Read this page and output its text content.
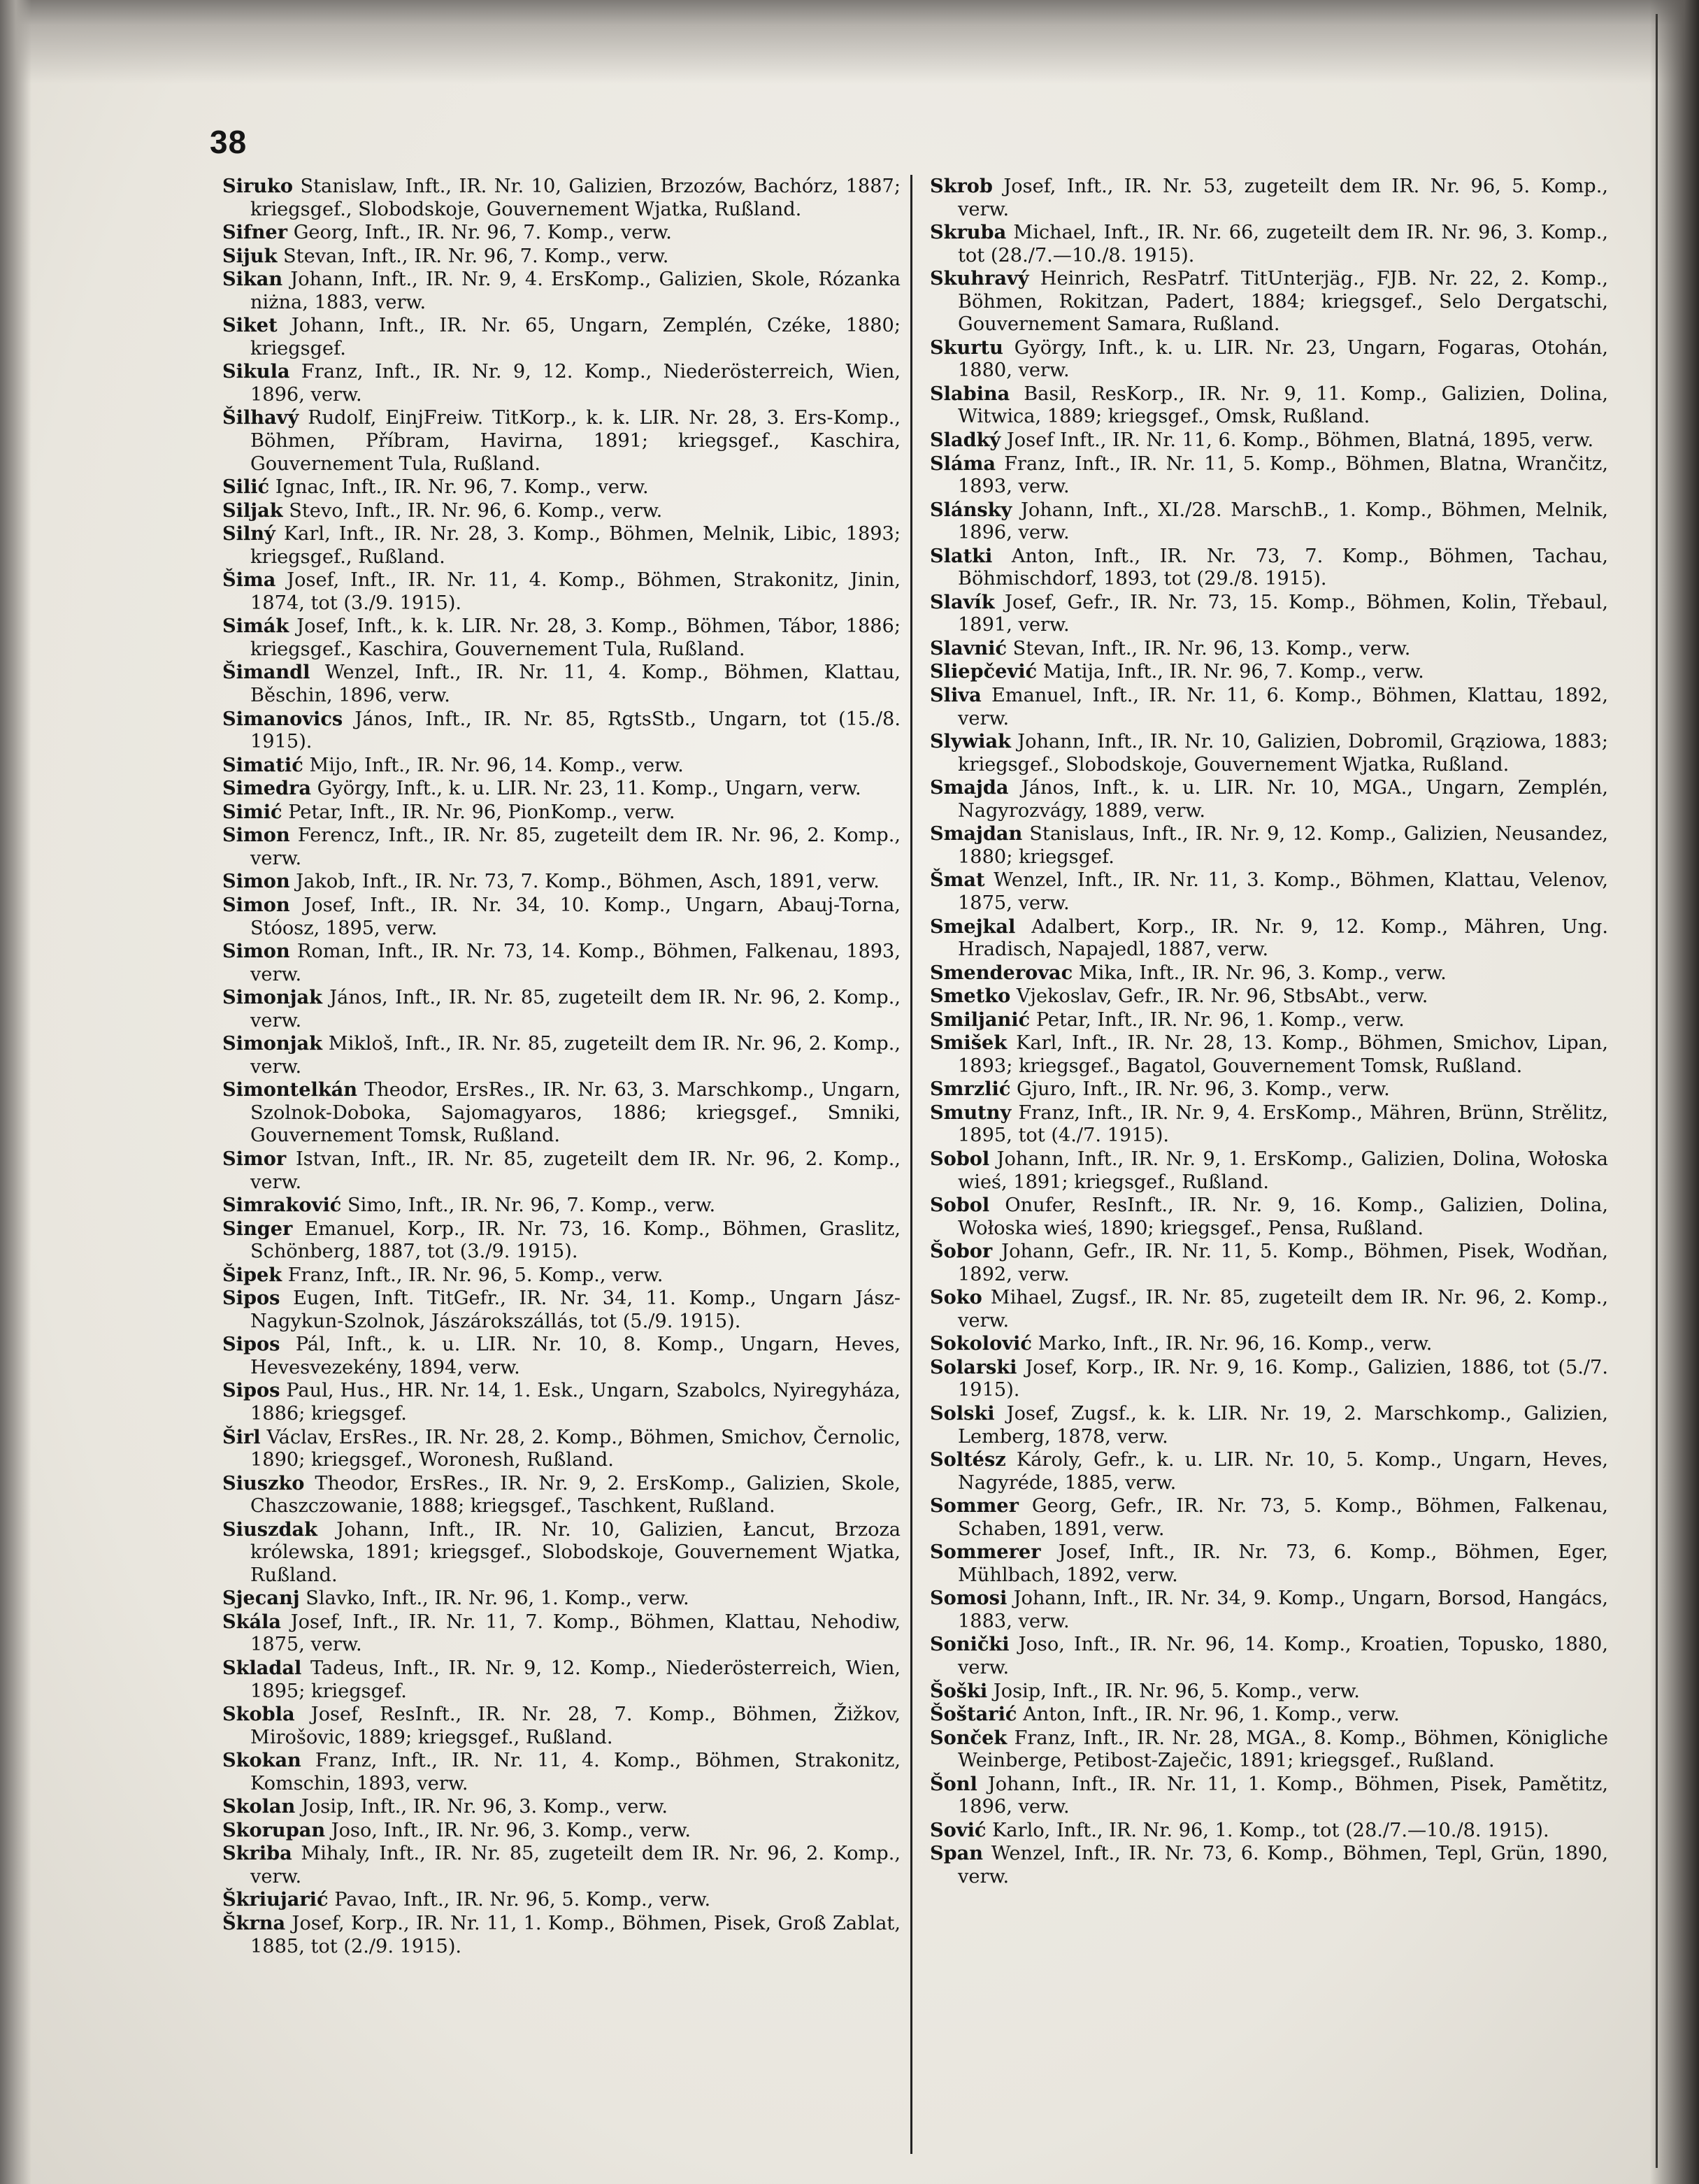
38

Siruko Stanislaw, Inft., IR. Nr. 10, Galizien, Brzozów, Bachórz, 1887; kriegsgef., Slobodskoje, Gouvernement Wjatka, Rußland.

Sifner Georg, Inft., IR. Nr. 96, 7. Komp., verw.

Sijuk Stevan, Inft., IR. Nr. 96, 7. Komp., verw.

Sikan Johann, Inft., IR. Nr. 9, 4. ErsKomp., Galizien, Skole, Rózanka niżna, 1883, verw.

Siket Johann, Inft., IR. Nr. 65, Ungarn, Zemplén, Czéke, 1880; kriegsgef.

Sikula Franz, Inft., IR. Nr. 9, 12. Komp., Niederösterreich, Wien, 1896, verw.

Šilhavý Rudolf, EinjFreiw. TitKorp., k. k. LIR. Nr. 28, 3. Ers-Komp., Böhmen, Příbram, Havirna, 1891; kriegsgef., Kaschira, Gouvernement Tula, Rußland.

Silić Ignac, Inft., IR. Nr. 96, 7. Komp., verw.

Siljak Stevo, Inft., IR. Nr. 96, 6. Komp., verw.

Silný Karl, Inft., IR. Nr. 28, 3. Komp., Böhmen, Melnik, Libic, 1893; kriegsgef., Rußland.

Šima Josef, Inft., IR. Nr. 11, 4. Komp., Böhmen, Strakonitz, Jinin, 1874, tot (3./9. 1915).

Simák Josef, Inft., k. k. LIR. Nr. 28, 3. Komp., Böhmen, Tábor, 1886; kriegsgef., Kaschira, Gouvernement Tula, Rußland.

Šimandl Wenzel, Inft., IR. Nr. 11, 4. Komp., Böhmen, Klattau, Běschin, 1896, verw.

Simanovics János, Inft., IR. Nr. 85, RgtsStb., Ungarn, tot (15./8. 1915).

Simatić Mijo, Inft., IR. Nr. 96, 14. Komp., verw.

Simedra György, Inft., k. u. LIR. Nr. 23, 11. Komp., Ungarn, verw.

Simić Petar, Inft., IR. Nr. 96, PionKomp., verw.

Simon Ferencz, Inft., IR. Nr. 85, zugeteilt dem IR. Nr. 96, 2. Komp., verw.

Simon Jakob, Inft., IR. Nr. 73, 7. Komp., Böhmen, Asch, 1891, verw.

Simon Josef, Inft., IR. Nr. 34, 10. Komp., Ungarn, Abauj-Torna, Stóosz, 1895, verw.

Simon Roman, Inft., IR. Nr. 73, 14. Komp., Böhmen, Falkenau, 1893, verw.

Simonjak János, Inft., IR. Nr. 85, zugeteilt dem IR. Nr. 96, 2. Komp., verw.

Simonjak Mikloš, Inft., IR. Nr. 85, zugeteilt dem IR. Nr. 96, 2. Komp., verw.

Simontelkán Theodor, ErsRes., IR. Nr. 63, 3. Marschkomp., Ungarn, Szolnok-Doboka, Sajomagyaros, 1886; kriegsgef., Smniki, Gouvernement Tomsk, Rußland.

Simor Istvan, Inft., IR. Nr. 85, zugeteilt dem IR. Nr. 96, 2. Komp., verw.

Simraković Simo, Inft., IR. Nr. 96, 7. Komp., verw.

Singer Emanuel, Korp., IR. Nr. 73, 16. Komp., Böhmen, Graslitz, Schönberg, 1887, tot (3./9. 1915).

Šipek Franz, Inft., IR. Nr. 96, 5. Komp., verw.

Sipos Eugen, Inft. TitGefr., IR. Nr. 34, 11. Komp., Ungarn Jász-Nagykun-Szolnok, Jászárokszállás, tot (5./9. 1915).

Sipos Pál, Inft., k. u. LIR. Nr. 10, 8. Komp., Ungarn, Heves, Hevesvezekény, 1894, verw.

Sipos Paul, Hus., HR. Nr. 14, 1. Esk., Ungarn, Szabolcs, Nyiregyháza, 1886; kriegsgef.

Širl Václav, ErsRes., IR. Nr. 28, 2. Komp., Böhmen, Smichov, Černolic, 1890; kriegsgef., Woronesh, Rußland.

Siuszko Theodor, ErsRes., IR. Nr. 9, 2. ErsKomp., Galizien, Skole, Chaszczowanie, 1888; kriegsgef., Taschkent, Rußland.

Siuszdak Johann, Inft., IR. Nr. 10, Galizien, Łancut, Brzoza królewska, 1891; kriegsgef., Slobodskoje, Gouvernement Wjatka, Rußland.

Sjecanj Slavko, Inft., IR. Nr. 96, 1. Komp., verw.

Skála Josef, Inft., IR. Nr. 11, 7. Komp., Böhmen, Klattau, Nehodiw, 1875, verw.

Skladal Tadeus, Inft., IR. Nr. 9, 12. Komp., Niederösterreich, Wien, 1895; kriegsgef.

Skobla Josef, ResInft., IR. Nr. 28, 7. Komp., Böhmen, Žižkov, Mirošovic, 1889; kriegsgef., Rußland.

Skokan Franz, Inft., IR. Nr. 11, 4. Komp., Böhmen, Strakonitz, Komschin, 1893, verw.

Skolan Josip, Inft., IR. Nr. 96, 3. Komp., verw.

Skorupan Joso, Inft., IR. Nr. 96, 3. Komp., verw.

Skriba Mihaly, Inft., IR. Nr. 85, zugeteilt dem IR. Nr. 96, 2. Komp., verw.

Škriujarić Pavao, Inft., IR. Nr. 96, 5. Komp., verw.

Škrna Josef, Korp., IR. Nr. 11, 1. Komp., Böhmen, Pisek, Groß Zablat, 1885, tot (2./9. 1915).

Skrob Josef, Inft., IR. Nr. 53, zugeteilt dem IR. Nr. 96, 5. Komp., verw.

Skruba Michael, Inft., IR. Nr. 66, zugeteilt dem IR. Nr. 96, 3. Komp., tot (28./7.—10./8. 1915).

Skuhravý Heinrich, ResPatrf. TitUnterjäg., FJB. Nr. 22, 2. Komp., Böhmen, Rokitzan, Padert, 1884; kriegsgef., Selo Dergatschi, Gouvernement Samara, Rußland.

Skurtu György, Inft., k. u. LIR. Nr. 23, Ungarn, Fogaras, Otohán, 1880, verw.

Slabina Basil, ResKorp., IR. Nr. 9, 11. Komp., Galizien, Dolina, Witwica, 1889; kriegsgef., Omsk, Rußland.

Sladký Josef Inft., IR. Nr. 11, 6. Komp., Böhmen, Blatná, 1895, verw.

Sláma Franz, Inft., IR. Nr. 11, 5. Komp., Böhmen, Blatna, Wrančitz, 1893, verw.

Slánsky Johann, Inft., XI./28. MarschB., 1. Komp., Böhmen, Melnik, 1896, verw.

Slatki Anton, Inft., IR. Nr. 73, 7. Komp., Böhmen, Tachau, Böhmischdorf, 1893, tot (29./8. 1915).

Slavík Josef, Gefr., IR. Nr. 73, 15. Komp., Böhmen, Kolin, Třebaul, 1891, verw.

Slavnić Stevan, Inft., IR. Nr. 96, 13. Komp., verw.

Sliepčević Matija, Inft., IR. Nr. 96, 7. Komp., verw.

Sliva Emanuel, Inft., IR. Nr. 11, 6. Komp., Böhmen, Klattau, 1892, verw.

Slywiak Johann, Inft., IR. Nr. 10, Galizien, Dobromil, Grąziowa, 1883; kriegsgef., Slobodskoje, Gouvernement Wjatka, Rußland.

Smajda János, Inft., k. u. LIR. Nr. 10, MGA., Ungarn, Zemplén, Nagyrozvágy, 1889, verw.

Smajdan Stanislaus, Inft., IR. Nr. 9, 12. Komp., Galizien, Neusandez, 1880; kriegsgef.

Šmat Wenzel, Inft., IR. Nr. 11, 3. Komp., Böhmen, Klattau, Velenov, 1875, verw.

Smejkal Adalbert, Korp., IR. Nr. 9, 12. Komp., Mähren, Ung. Hradisch, Napajedl, 1887, verw.

Smenderovac Mika, Inft., IR. Nr. 96, 3. Komp., verw.

Smetko Vjekoslav, Gefr., IR. Nr. 96, StbsAbt., verw.

Smiljanić Petar, Inft., IR. Nr. 96, 1. Komp., verw.

Smišek Karl, Inft., IR. Nr. 28, 13. Komp., Böhmen, Smichov, Lipan, 1893; kriegsgef., Bagatol, Gouvernement Tomsk, Rußland.

Smrzlić Gjuro, Inft., IR. Nr. 96, 3. Komp., verw.

Smutny Franz, Inft., IR. Nr. 9, 4. ErsKomp., Mähren, Brünn, Strělitz, 1895, tot (4./7. 1915).

Sobol Johann, Inft., IR. Nr. 9, 1. ErsKomp., Galizien, Dolina, Wołoska wieś, 1891; kriegsgef., Rußland.

Sobol Onufer, ResInft., IR. Nr. 9, 16. Komp., Galizien, Dolina, Wołoska wieś, 1890; kriegsgef., Pensa, Rußland.

Šobor Johann, Gefr., IR. Nr. 11, 5. Komp., Böhmen, Pisek, Wodňan, 1892, verw.

Soko Mihael, Zugsf., IR. Nr. 85, zugeteilt dem IR. Nr. 96, 2. Komp., verw.

Sokolović Marko, Inft., IR. Nr. 96, 16. Komp., verw.

Solarski Josef, Korp., IR. Nr. 9, 16. Komp., Galizien, 1886, tot (5./7. 1915).

Solski Josef, Zugsf., k. k. LIR. Nr. 19, 2. Marschkomp., Galizien, Lemberg, 1878, verw.

Soltész Károly, Gefr., k. u. LIR. Nr. 10, 5. Komp., Ungarn, Heves, Nagyréde, 1885, verw.

Sommer Georg, Gefr., IR. Nr. 73, 5. Komp., Böhmen, Falkenau, Schaben, 1891, verw.

Sommerer Josef, Inft., IR. Nr. 73, 6. Komp., Böhmen, Eger, Mühlbach, 1892, verw.

Somosi Johann, Inft., IR. Nr. 34, 9. Komp., Ungarn, Borsod, Hangács, 1883, verw.

Sonički Joso, Inft., IR. Nr. 96, 14. Komp., Kroatien, Topusko, 1880, verw.

Šoški Josip, Inft., IR. Nr. 96, 5. Komp., verw.

Šoštarić Anton, Inft., IR. Nr. 96, 1. Komp., verw.

Sonček Franz, Inft., IR. Nr. 28, MGA., 8. Komp., Böhmen, Königliche Weinberge, Petibost-Zaječic, 1891; kriegsgef., Rußland.

Šonl Johann, Inft., IR. Nr. 11, 1. Komp., Böhmen, Pisek, Pamětitz, 1896, verw.

Sović Karlo, Inft., IR. Nr. 96, 1. Komp., tot (28./7.—10./8. 1915).

Span Wenzel, Inft., IR. Nr. 73, 6. Komp., Böhmen, Tepl, Grün, 1890, verw.
